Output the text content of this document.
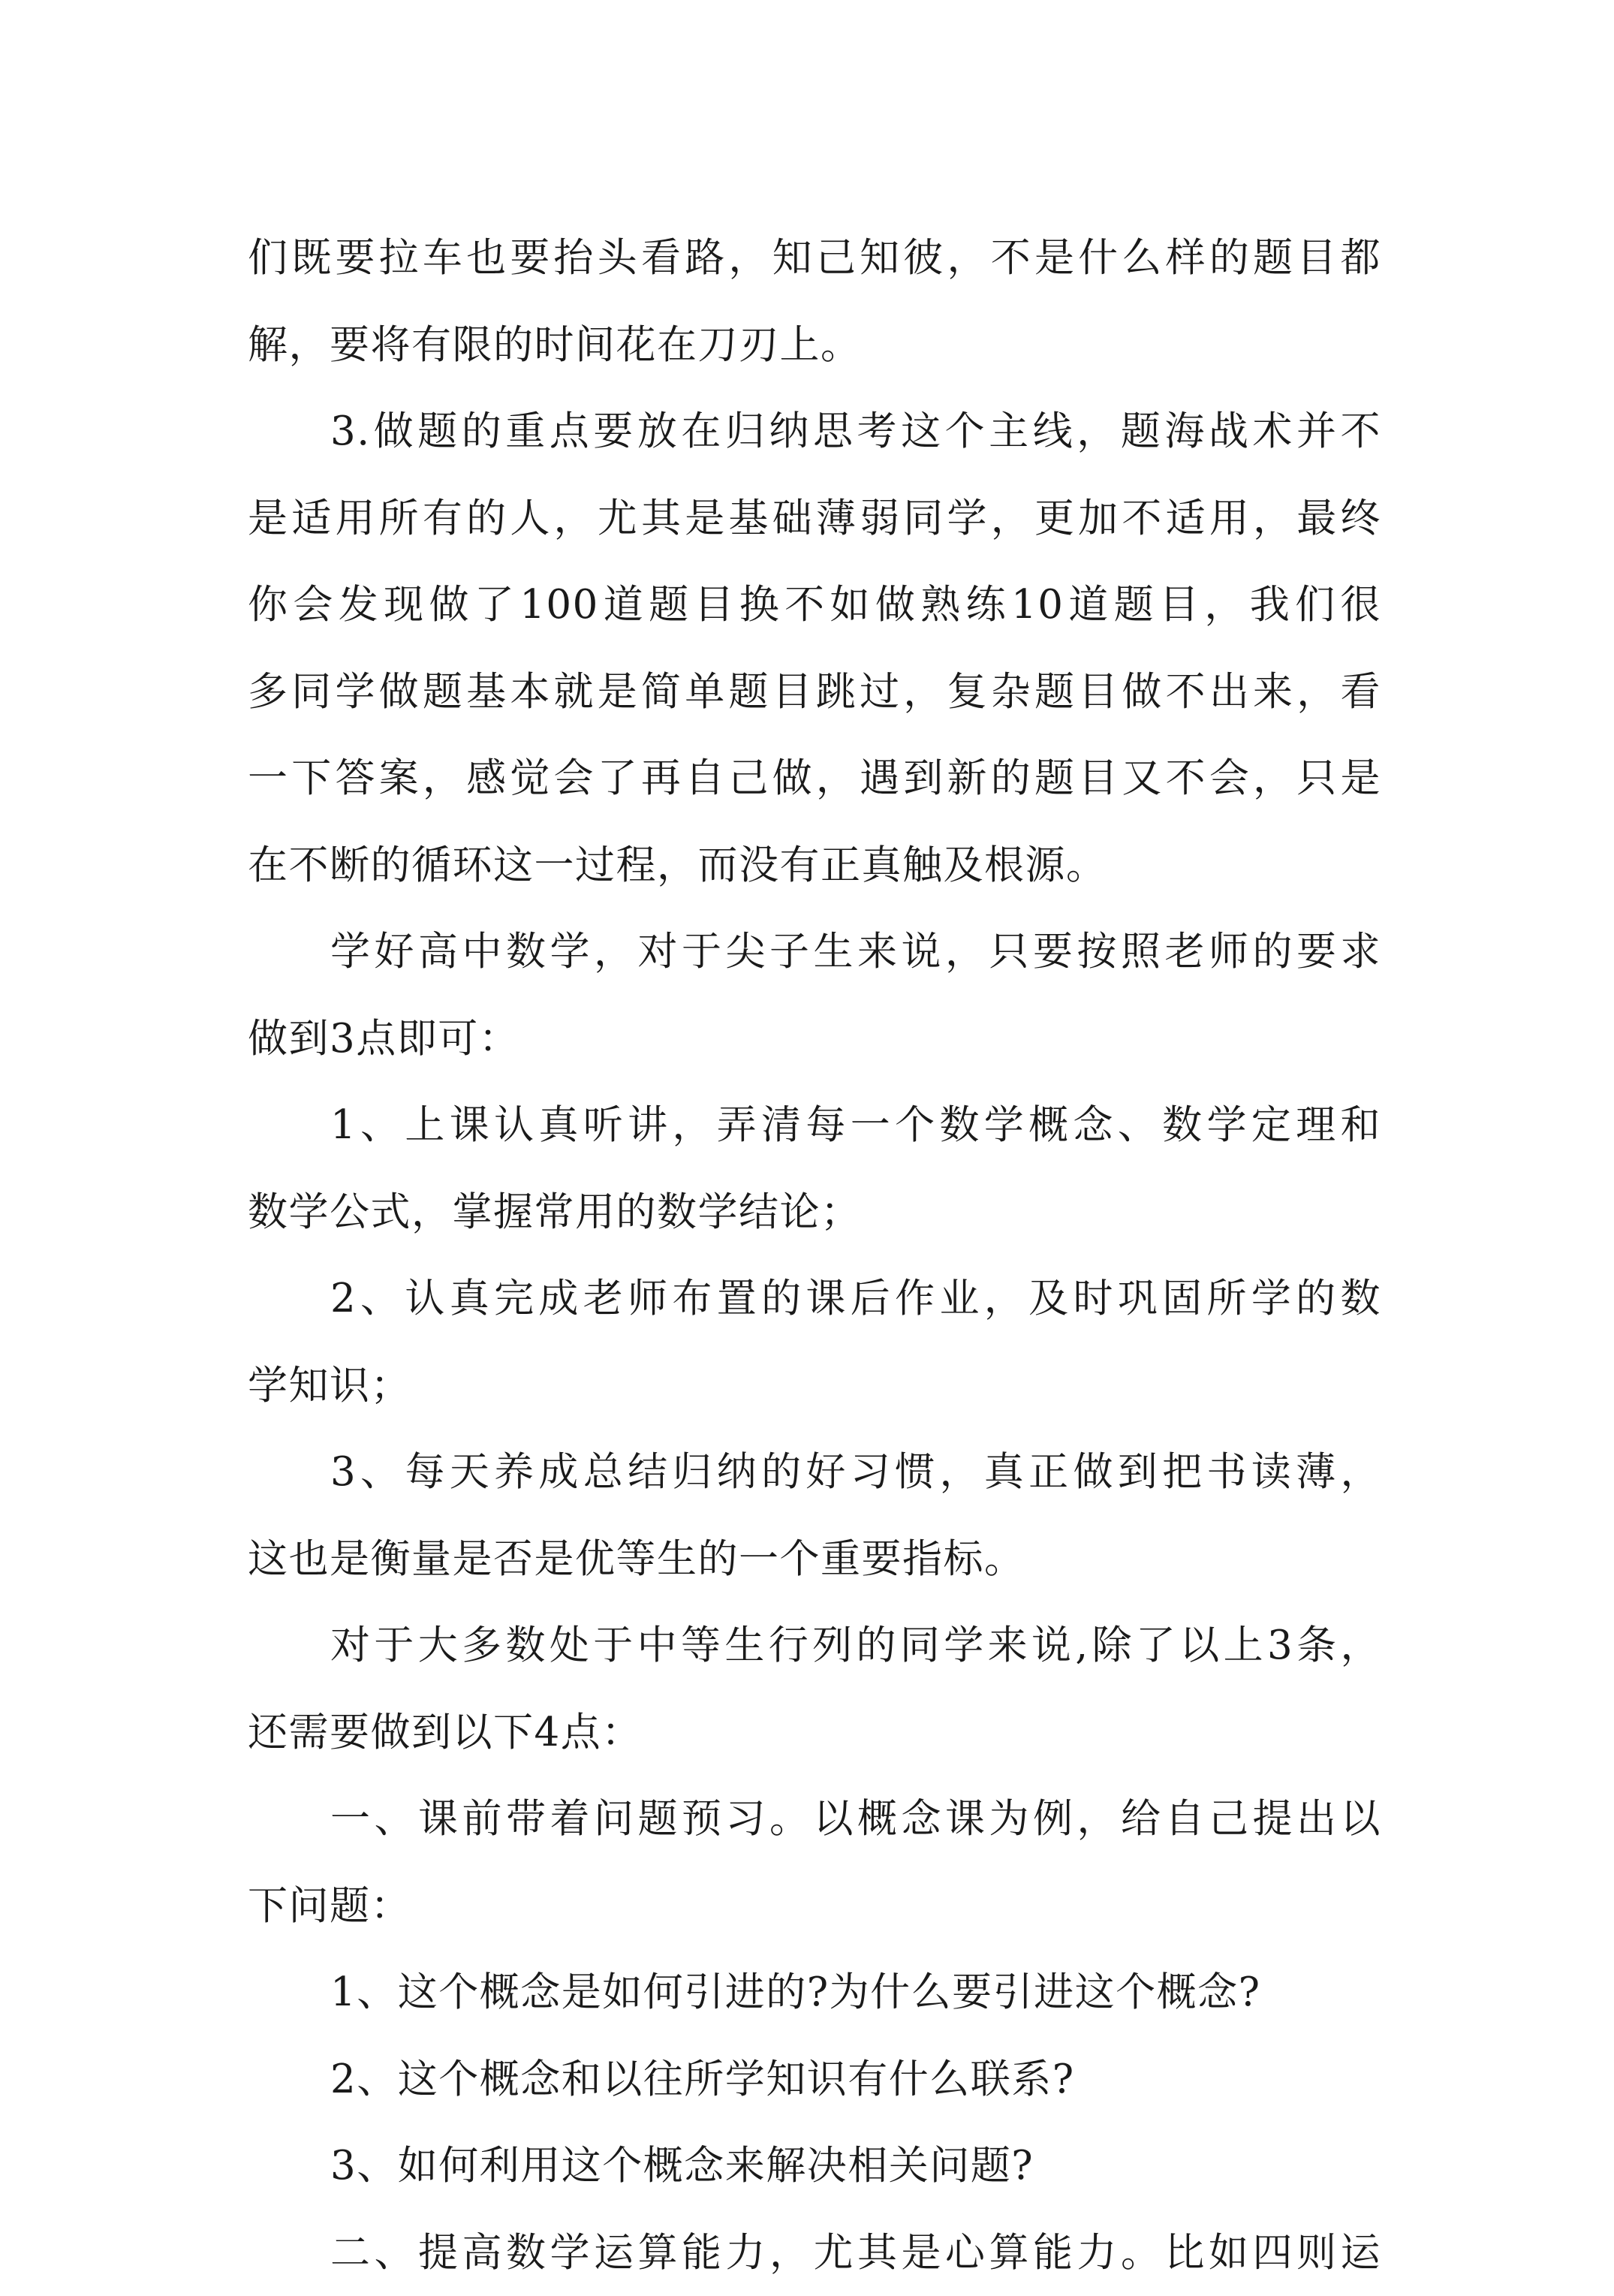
们既要拉车也要抬头看路，知己知彼，不是什么样的题目都
解，要将有限的时间花在刀刃上。
3.做题的重点要放在归纳思考这个主线，题海战术并不
是适用所有的人，尤其是基础薄弱同学，更加不适用，最终
你会发现做了100道题目换不如做熟练10道题目，我们很
多同学做题基本就是简单题目跳过，复杂题目做不出来，看
一下答案，感觉会了再自己做，遇到新的题目又不会，只是
在不断的循环这一过程，而没有正真触及根源。
学好高中数学，对于尖子生来说，只要按照老师的要求
做到3点即可：
1、上课认真听讲，弄清每一个数学概念、数学定理和
数学公式，掌握常用的数学结论；
2、认真完成老师布置的课后作业，及时巩固所学的数
学知识；
3、每天养成总结归纳的好习惯，真正做到把书读薄，
这也是衡量是否是优等生的一个重要指标。
对于大多数处于中等生行列的同学来说,除了以上3条，
还需要做到以下4点：
一、课前带着问题预习。以概念课为例，给自己提出以
下问题：
1、这个概念是如何引进的?为什么要引进这个概念?
2、这个概念和以往所学知识有什么联系?
3、如何利用这个概念来解决相关问题?
二、提高数学运算能力，尤其是心算能力。比如四则运
